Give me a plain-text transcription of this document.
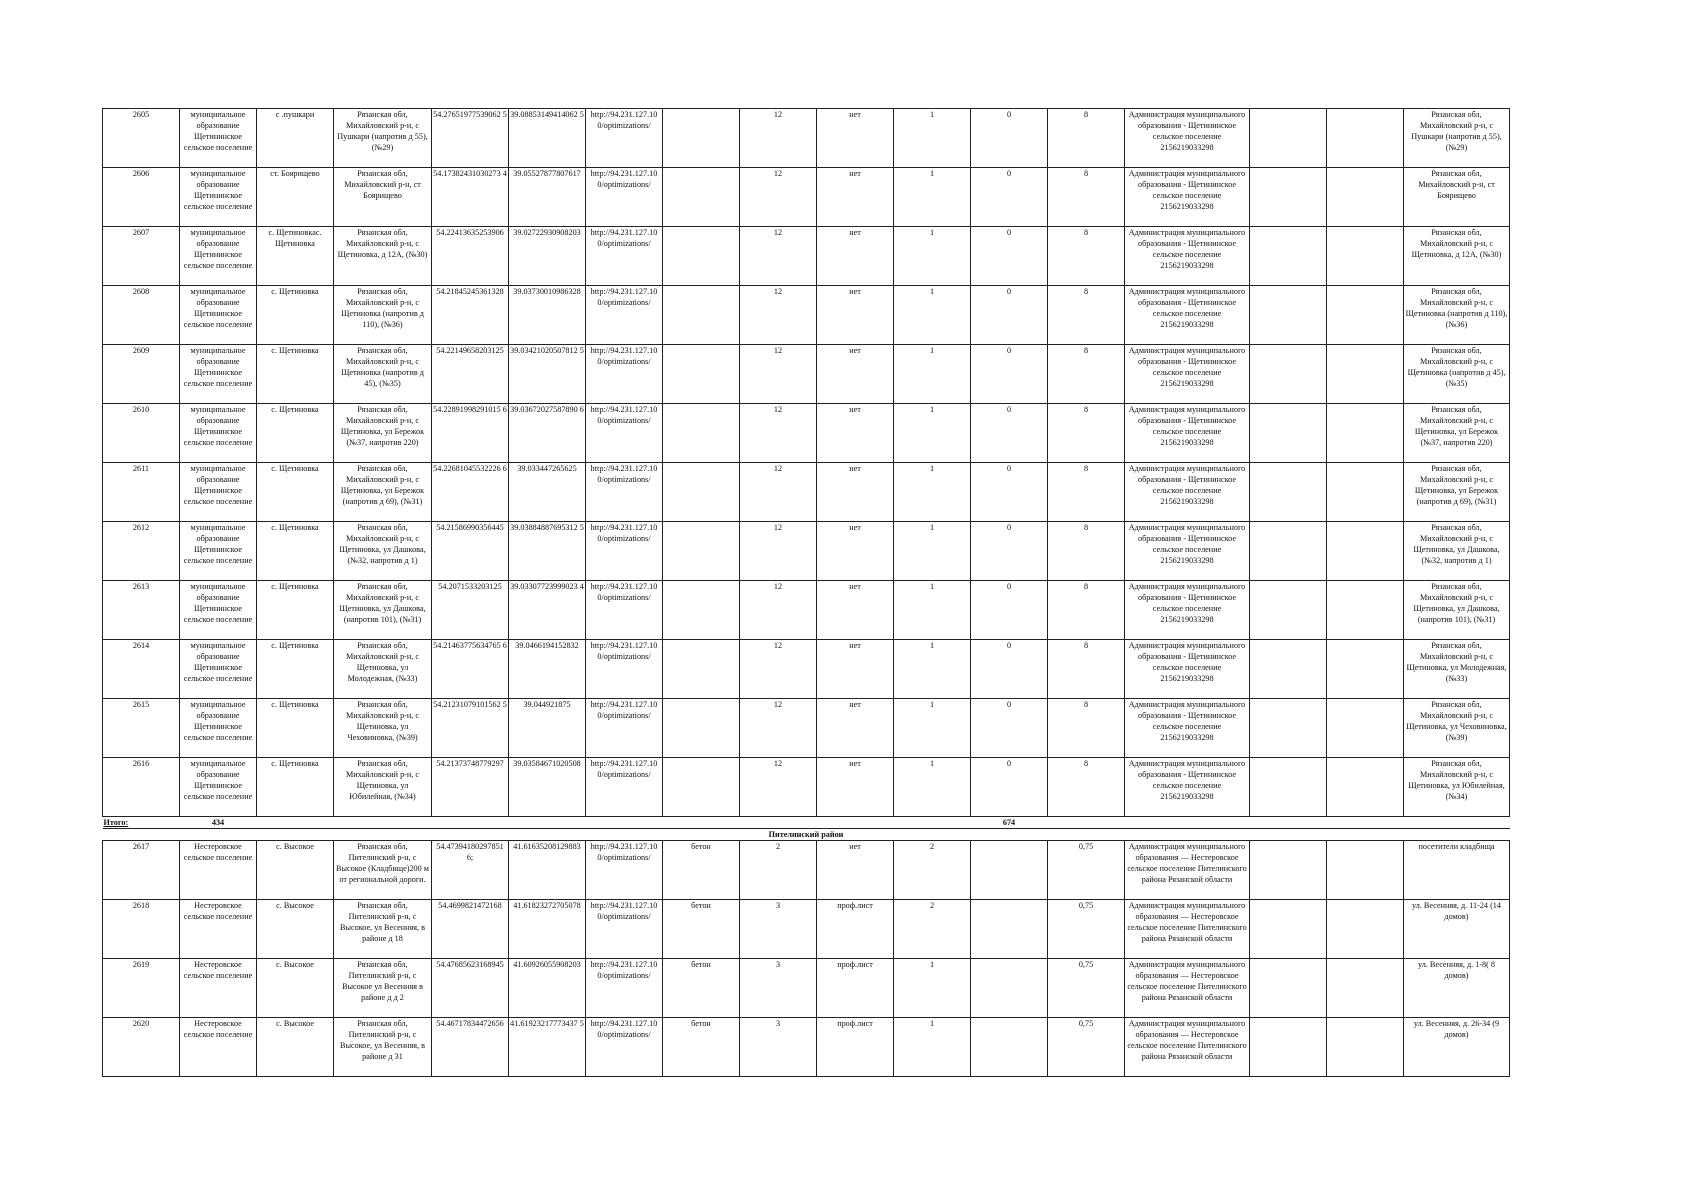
2605	муниципальное образование Щетининское сельское поселение	с .пушкари	Рязанская обл, Михайловский р-н, с Пушкари (напротив д 55), (№29)	54.27651977539062 5	39.08853149414062 5	http://94.231.127.10 0/optimizations/		12	нет	1	0	8	Администрация муниципального образования - Щетининское сельское поселение 2156219033298			Рязанская обл, Михайловский р-н, с Пушкари (напротив д 55), (№29)
2606	муниципальное образование Щетининское сельское поселение	ст. Боярищево	Рязанская обл, Михайловский р-н, ст Боярищево	54.17382431030273 4	39.05527877807617	http://94.231.127.10 0/optimizations/		12	нет	1	0	8	Администрация муниципального образования - Щетининское сельское поселение 2156219033298			Рязанская обл, Михайловский р-н, ст Боярищево
2607	муниципальное образование Щетининское сельское поселение	с. Щетиновкаc. Щетиновка	Рязанская обл, Михайловский р-н, с Щетиновка, д 12А, (№30)	54.22413635253906	39.02722930908203	http://94.231.127.10 0/optimizations/		12	нет	1	0	8	Администрация муниципального образования - Щетининское сельское поселение 2156219033298			Рязанская обл, Михайловский р-н, с Щетиновка, д 12А, (№30)
2608	муниципальное образование Щетининское сельское поселение	с. Щетиновка	Рязанская обл, Михайловский р-н, с Щетиновка (напротив д 110), (№36)	54.21845245361328	39.03730010986328	http://94.231.127.10 0/optimizations/		12	нет	1	0	8	Администрация муниципального образования - Щетининское сельское поселение 2156219033298			Рязанская обл, Михайловский р-н, с Щетиновка (напротив д 110), (№36)
2609	муниципальное образование Щетининское сельское поселение	с. Щетиновка	Рязанская обл, Михайловский р-н, с Щетиновка (напротив д 45), (№35)	54.22149658203125	39.03421020507812 5	http://94.231.127.10 0/optimizations/		12	нет	1	0	8	Администрация муниципального образования - Щетининское сельское поселение 2156219033298			Рязанская обл, Михайловский р-н, с Щетиновка (напротив д 45), (№35)
2610	муниципальное образование Щетининское сельское поселение	с. Щетиновка	Рязанская обл, Михайловский р-н, с Щетиновка, ул Бережок (№37, напротив 220)	54.22891998291015 6	39.03672027587890 6	http://94.231.127.10 0/optimizations/		12	нет	1	0	8	Администрация муниципального образования - Щетининское сельское поселение 2156219033298			Рязанская обл, Михайловский р-н, с Щетиновка, ул Бережок (№37, напротив 220)
2611	муниципальное образование Щетининское сельское поселение	с. Щетиновка	Рязанская обл, Михайловский р-н, с Щетиновка, ул Бережок (напротив д 69), (№31)	54.22681045532226 6	39.033447265625	http://94.231.127.10 0/optimizations/		12	нет	1	0	8	Администрация муниципального образования - Щетининское сельское поселение 2156219033298			Рязанская обл, Михайловский р-н, с Щетиновка, ул Бережок (напротив д 69), (№31)
2612	муниципальное образование Щетининское сельское поселение	с. Щетиновка	Рязанская обл, Михайловский р-н, с Щетиновка, ул Дашкова, (№32, напротив д 1)	54.21586990356445	39.03884887695312 5	http://94.231.127.10 0/optimizations/		12	нет	1	0	8	Администрация муниципального образования - Щетининское сельское поселение 2156219033298			Рязанская обл, Михайловский р-н, с Щетиновка, ул Дашкова, (№32, напротив д 1)
2613	муниципальное образование Щетининское сельское поселение	с. Щетиновка	Рязанская обл, Михайловский р-н, с Щетиновка, ул Дашкова, (напротив 101), (№31)	54.2071533203125	39.03307723999023 4	http://94.231.127.10 0/optimizations/		12	нет	1	0	8	Администрация муниципального образования - Щетининское сельское поселение 2156219033298			Рязанская обл, Михайловский р-н, с Щетиновка, ул Дашкова, (напротив 101), (№31)
2614	муниципальное образование Щетининское сельское поселение	с. Щетиновка	Рязанская обл, Михайловский р-н, с Щетиновка, ул Молодежная, (№33)	54.21463775634765 6	39.0466194152832	http://94.231.127.10 0/optimizations/		12	нет	1	0	8	Администрация муниципального образования - Щетининское сельское поселение 2156219033298			Рязанская обл, Михайловский р-н, с Щетиновка, ул Молодежная, (№33)
2615	муниципальное образование Щетининское сельское поселение	с. Щетиновка	Рязанская обл, Михайловский р-н, с Щетиновка, ул Чеховиновка, (№39)	54.21231079101562 5	39.044921875	http://94.231.127.10 0/optimizations/		12	нет	1	0	8	Администрация муниципального образования - Щетининское сельское поселение 2156219033298			Рязанская обл, Михайловский р-н, с Щетиновка, ул Чеховиновка, (№39)
2616	муниципальное образование Щетининское сельское поселение	с. Щетиновка	Рязанская обл, Михайловский р-н, с Щетиновка, ул Юбилейная, (№34)	54.21373748779297	39.03584671020508	http://94.231.127.10 0/optimizations/		12	нет	1	0	8	Администрация муниципального образования - Щетининское сельское поселение 2156219033298			Рязанская обл, Михайловский р-н, с Щетиновка, ул Юбилейная, (№34)
Итого:	434										674					
Пителинский район																
2617	Нестеровское сельское поселение	с. Высокое	Рязанская обл, Пителинский р-н, с Высокое (Кладбище)200 м от региональной дороги.	54.47394180297851 6;	41.61635208129883	http://94.231.127.10 0/optimizations/	бетон	2	нет	2		0,75	Администрация муниципального образования — Нестеровское сельское поселение Пителинского района Рязанской области			посетители кладбища
2618	Нестеровское сельское поселение	с. Высокое	Рязанская обл, Пителинский р-н, с Высокое, ул Весенняя, в районе д 18	54.4699821472168	41.61823272705078	http://94.231.127.10 0/optimizations/	бетон	3	проф.лист	2		0,75	Администрация муниципального образования — Нестеровское сельское поселение Пителинского района Рязанской области			ул. Весенняя, д. 11-24 (14 домов)
2619	Нестеровское сельское поселение	с. Высокое	Рязанская обл, Пителинский р-н, с Высокое ул Весенняя в районе д д 2	54.47685623168945	41.60926055908203	http://94.231.127.10 0/optimizations/	бетон	3	проф.лист	1		0,75	Администрация муниципального образования — Нестеровское сельское поселение Пителинского района Рязанской области			ул. Весенняя, д. 1-8( 8 домов)
2620	Нестеровское сельское поселение	с. Высокое	Рязанская обл, Пителинский р-н, с Высокое, ул Весенняя, в районе д 31	54.46717834472656	41.61923217773437 5	http://94.231.127.10 0/optimizations/	бетон	3	проф.лист	1		0,75	Администрация муниципального образования — Нестеровское сельское поселение Пителинского района Рязанской области			ул. Весенняя, д. 26-34 (9 домов)
